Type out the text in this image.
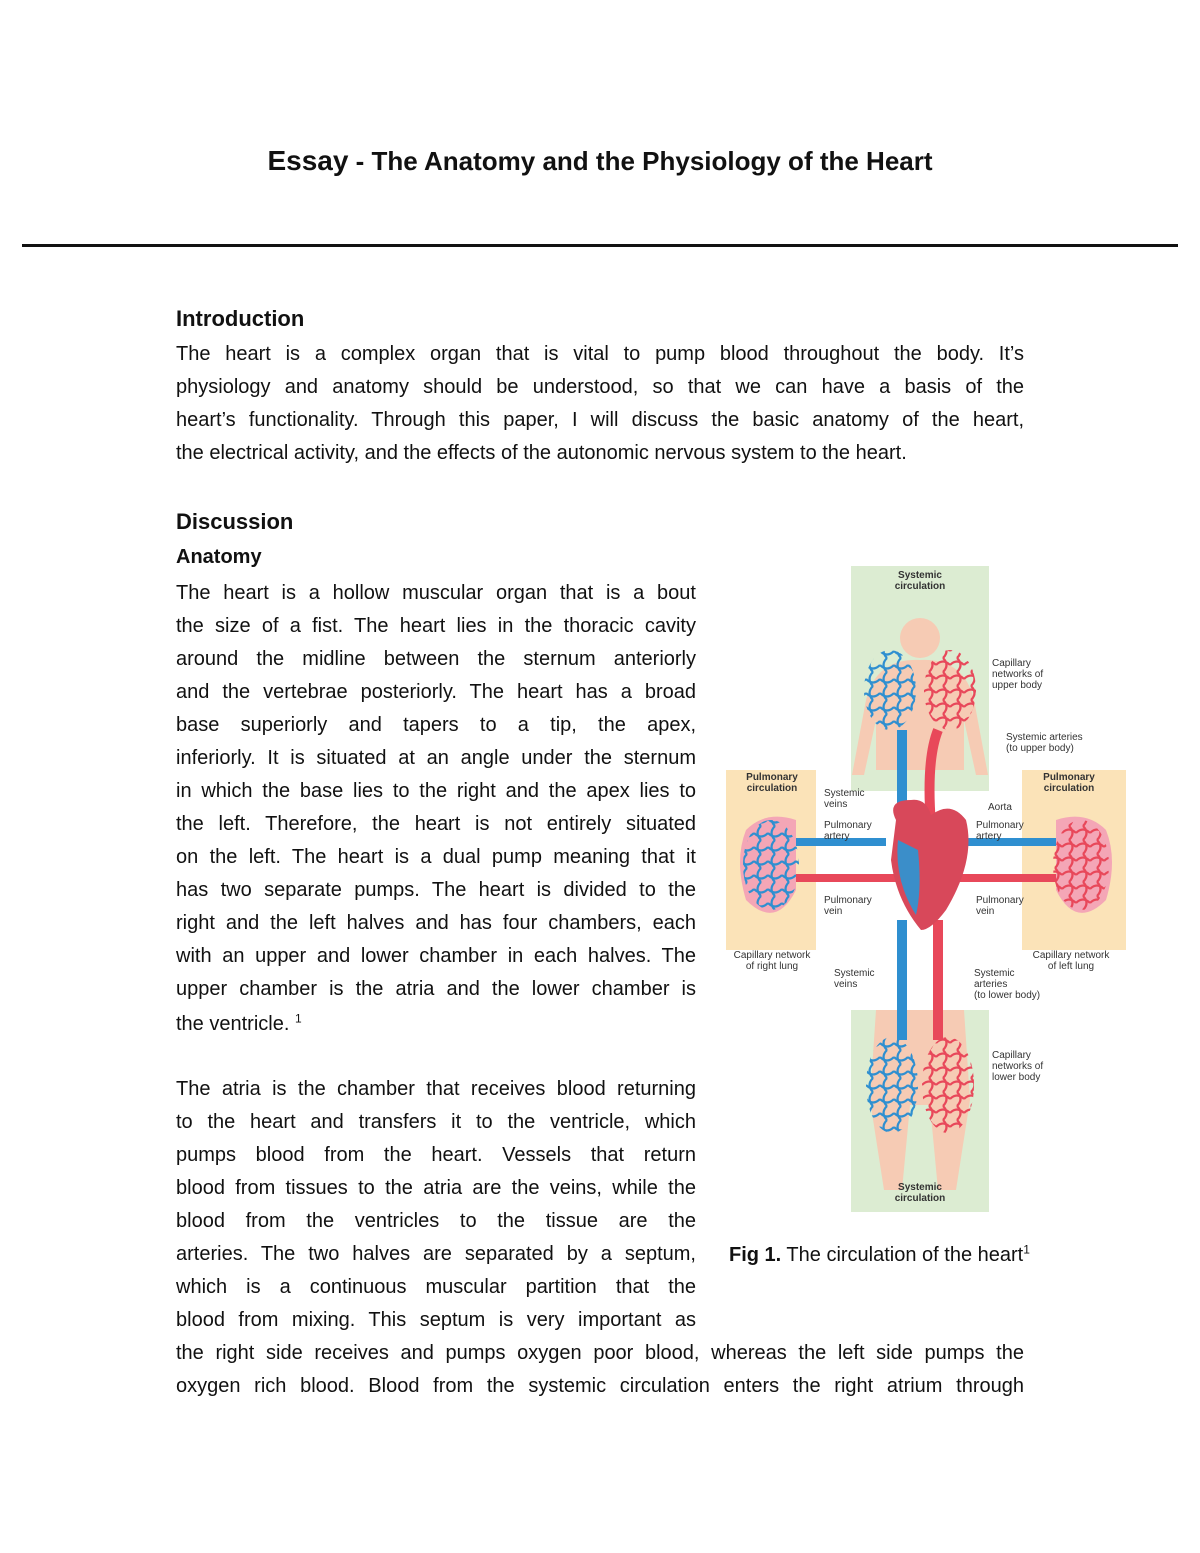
Essay - The Anatomy and the Physiology of the Heart
Introduction
The heart is a complex organ that is vital to pump blood throughout the body. It’s
physiology and anatomy should be understood, so that we can have a basis of the
heart’s functionality. Through this paper, I will discuss the basic anatomy of the heart,
the electrical activity, and the effects of the autonomic nervous system to the heart.
Discussion
Anatomy
The heart is a hollow muscular organ that is a bout
the size of a fist. The heart lies in the thoracic cavity
around the midline between the sternum anteriorly
and the vertebrae posteriorly. The heart has a broad
base superiorly and tapers to a tip, the apex,
inferiorly. It is situated at an angle under the sternum
in which the base lies to the right and the apex lies to
the left. Therefore, the heart is not entirely situated
on the left. The heart is a dual pump meaning that it
has two separate pumps. The heart is divided to the
right and the left halves and has four chambers, each
with an upper and lower chamber in each halves. The
upper chamber is the atria and the lower chamber is
the ventricle. $^1$
The atria is the chamber that receives blood returning
to the heart and transfers it to the ventricle, which
pumps blood from the heart. Vessels that return
blood from tissues to the atria are the veins, while the
blood from the ventricles to the tissue are the
arteries. The two halves are separated by a septum,
which is a continuous muscular partition that the
blood from mixing. This septum is very important as
the right side receives and pumps oxygen poor blood, whereas the left side pumps the
oxygen rich blood. Blood from the systemic circulation enters the right atrium through
Systemic circulation
Systemic circulation
Pulmonary circulation
Pulmonary circulation
Capillary networks of upper body
Systemic arteries (to upper body)
Systemic veins	Aorta
Pulmonary artery
Pulmonary artery
Pulmonary vein
Pulmonary vein
Capillary network of right lung
Capillary network of left lung
Systemic veins
Systemic arteries (to lower body)
Capillary networks of lower body
Fig 1. The circulation of the heart$^1$
